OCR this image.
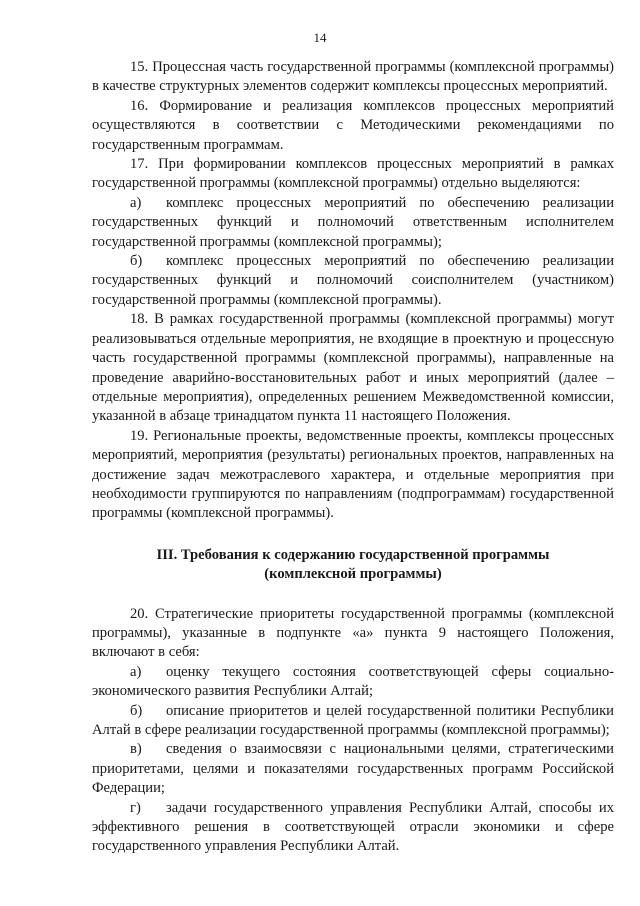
14

15. Процессная часть государственной программы (комплексной программы) в качестве структурных элементов содержит комплексы процессных мероприятий.

16. Формирование и реализация комплексов процессных мероприятий осуществляются в соответствии с Методическими рекомендациями по государственным программам.

17. При формировании комплексов процессных мероприятий в рамках государственной программы (комплексной программы) отдельно выделяются:

а) комплекс процессных мероприятий по обеспечению реализации государственных функций и полномочий ответственным исполнителем государственной программы (комплексной программы);

б) комплекс процессных мероприятий по обеспечению реализации государственных функций и полномочий соисполнителем (участником) государственной программы (комплексной программы).

18. В рамках государственной программы (комплексной программы) могут реализовываться отдельные мероприятия, не входящие в проектную и процессную часть государственной программы (комплексной программы), направленные на проведение аварийно-восстановительных работ и иных мероприятий (далее – отдельные мероприятия), определенных решением Межведомственной комиссии, указанной в абзаце тринадцатом пункта 11 настоящего Положения.

19. Региональные проекты, ведомственные проекты, комплексы процессных мероприятий, мероприятия (результаты) региональных проектов, направленных на достижение задач межотраслевого характера, и отдельные мероприятия при необходимости группируются по направлениям (подпрограммам) государственной программы (комплексной программы).

III. Требования к содержанию государственной программы
(комплексной программы)

20. Стратегические приоритеты государственной программы (комплексной программы), указанные в подпункте «а» пункта 9 настоящего Положения, включают в себя:

а) оценку текущего состояния соответствующей сферы социально-экономического развития Республики Алтай;

б) описание приоритетов и целей государственной политики Республики Алтай в сфере реализации государственной программы (комплексной программы);

в) сведения о взаимосвязи с национальными целями, стратегическими приоритетами, целями и показателями государственных программ Российской Федерации;

г) задачи государственного управления Республики Алтай, способы их эффективного решения в соответствующей отрасли экономики и сфере государственного управления Республики Алтай.
